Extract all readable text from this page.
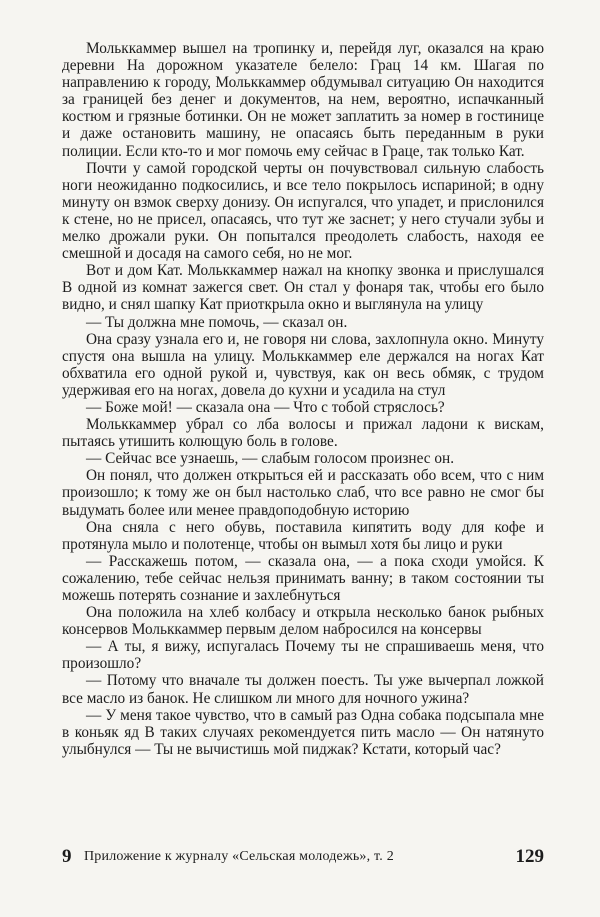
Мольккаммер вышел на тропинку и, перейдя луг, оказался на краю деревни На дорожном указателе белело: Грац 14 км. Шагая по направлению к городу, Мольккаммер обдумывал ситуацию Он находится за границей без денег и документов, на нем, вероятно, испачканный костюм и грязные ботинки. Он не может заплатить за номер в гостинице и даже остановить машину, не опасаясь быть переданным в руки полиции. Если кто-то и мог помочь ему сейчас в Граце, так только Кат.

Почти у самой городской черты он почувствовал сильную слабость ноги неожиданно подкосились, и все тело покрылось испариной; в одну минуту он взмок сверху донизу. Он испугался, что упадет, и прислонился к стене, но не присел, опасаясь, что тут же заснет; у него стучали зубы и мелко дрожали руки. Он попытался преодолеть слабость, находя ее смешной и досадя на самого себя, но не мог.

Вот и дом Кат. Мольккаммер нажал на кнопку звонка и прислушался В одной из комнат зажегся свет. Он стал у фонаря так, чтобы его было видно, и снял шапку Кат приоткрыла окно и выглянула на улицу

— Ты должна мне помочь, — сказал он.

Она сразу узнала его и, не говоря ни слова, захлопнула окно. Минуту спустя она вышла на улицу. Мольккаммер еле держался на ногах Кат обхватила его одной рукой и, чувствуя, как он весь обмяк, с трудом удерживая его на ногах, довела до кухни и усадила на стул

— Боже мой! — сказала она — Что с тобой стряслось?

Мольккаммер убрал со лба волосы и прижал ладони к вискам, пытаясь утишить колющую боль в голове.

— Сейчас все узнаешь, — слабым голосом произнес он.

Он понял, что должен открыться ей и рассказать обо всем, что с ним произошло; к тому же он был настолько слаб, что все равно не смог бы выдумать более или менее правдоподобную историю

Она сняла с него обувь, поставила кипятить воду для кофе и протянула мыло и полотенце, чтобы он вымыл хотя бы лицо и руки

— Расскажешь потом, — сказала она, — а пока сходи умойся. К сожалению, тебе сейчас нельзя принимать ванну; в таком состоянии ты можешь потерять сознание и захлебнуться

Она положила на хлеб колбасу и открыла несколько банок рыбных консервов Мольккаммер первым делом набросился на консервы

— А ты, я вижу, испугалась Почему ты не спрашиваешь меня, что произошло?

— Потому что вначале ты должен поесть. Ты уже вычерпал ложкой все масло из банок. Не слишком ли много для ночного ужина?

— У меня такое чувство, что в самый раз Одна собака подсыпала мне в коньяк яд В таких случаях рекомендуется пить масло — Он натянуто улыбнулся — Ты не вычистишь мой пиджак? Кстати, который час?

9 Приложение к журналу «Сельская молодежь», т. 2	129
